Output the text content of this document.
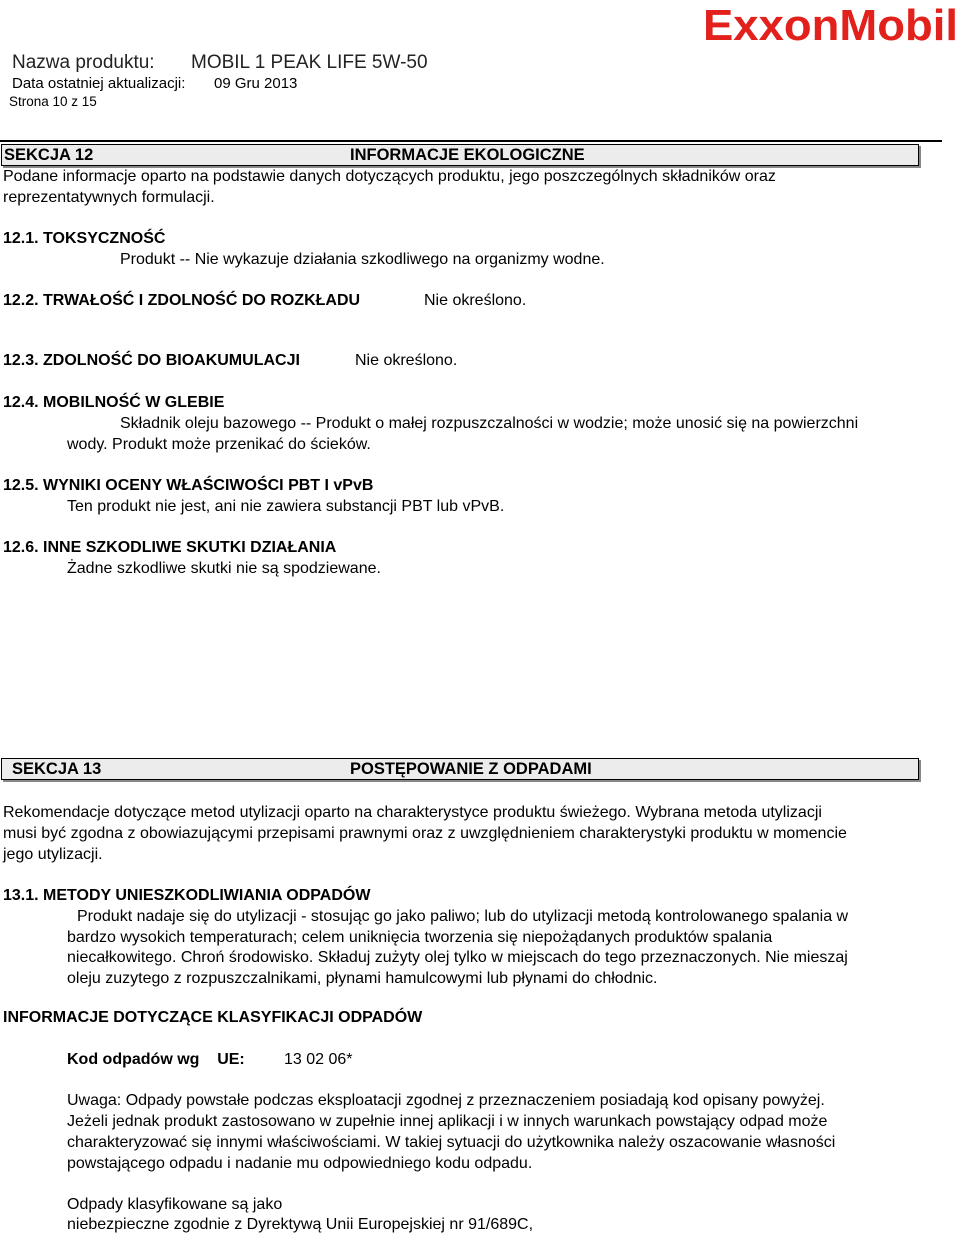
ExxonMobil
Nazwa produktu: MOBIL 1 PEAK LIFE 5W-50
Data ostatniej aktualizacji: 09 Gru 2013
Strona 10 z 15
SEKCJA 12	INFORMACJE EKOLOGICZNE
Podane informacje oparto na podstawie danych dotyczących produktu, jego poszczególnych składników oraz
reprezentatywnych formulacji.
12.1. TOKSYCZNOŚĆ
Produkt -- Nie wykazuje działania szkodliwego na organizmy wodne.
12.2. TRWAŁOŚĆ I ZDOLNOŚĆ DO ROZKŁADU	Nie określono.
12.3. ZDOLNOŚĆ DO BIOAKUMULACJI	Nie określono.
12.4. MOBILNOŚĆ W GLEBIE
Składnik oleju bazowego -- Produkt o małej rozpuszczalności w wodzie; może unosić się na powierzchni
wody. Produkt może przenikać do ścieków.
12.5. WYNIKI OCENY WŁAŚCIWOŚCI PBT I vPvB
Ten produkt nie jest, ani nie zawiera substancji PBT lub vPvB.
12.6. INNE SZKODLIWE SKUTKI DZIAŁANIA
Żadne szkodliwe skutki nie są spodziewane.
SEKCJA 13	POSTĘPOWANIE Z ODPADAMI
Rekomendacje dotyczące metod utylizacji oparto na charakterystyce produktu świeżego. Wybrana metoda utylizacji
musi być zgodna z obowiazującymi przepisami prawnymi oraz z uwzględnieniem charakterystyki produktu w momencie
jego utylizacji.
13.1. METODY UNIESZKODLIWIANIA ODPADÓW
Produkt nadaje się do utylizacji - stosując go jako paliwo; lub do utylizacji metodą kontrolowanego spalania w
bardzo wysokich temperaturach; celem uniknięcia tworzenia się niepożądanych produktów spalania
niecałkowitego. Chroń środowisko. Składuj zużyty olej tylko w miejscach do tego przeznaczonych. Nie mieszaj
oleju zuzytego z rozpuszczalnikami, płynami hamulcowymi lub płynami do chłodnic.
INFORMACJE DOTYCZĄCE KLASYFIKACJI ODPADÓW
Kod odpadów wg    UE: 13 02 06*
Uwaga: Odpady powstałe podczas eksploatacji zgodnej z przeznaczeniem posiadają kod opisany powyżej.
Jeżeli jednak produkt zastosowano w zupełnie innej aplikacji i w innych warunkach powstający odpad może
charakteryzować się innymi właściwościami. W takiej sytuacji do użytkownika należy oszacowanie własności
powstającego odpadu i nadanie mu odpowiedniego kodu odpadu.
Odpady klasyfikowane są jako
niebezpieczne zgodnie z Dyrektywą Unii Europejskiej nr 91/689C,
